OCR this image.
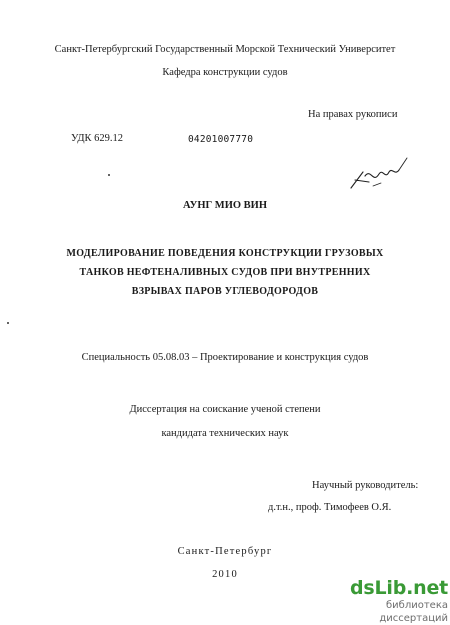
Санкт-Петербургский Государственный Морской Технический Университет
Кафедра конструкции судов
На правах рукописи
УДК 629.12	04201007770
АУНГ МИО ВИН
МОДЕЛИРОВАНИЕ ПОВЕДЕНИЯ КОНСТРУКЦИИ ГРУЗОВЫХ
ТАНКОВ НЕФТЕНАЛИВНЫХ СУДОВ ПРИ ВНУТРЕННИХ
ВЗРЫВАХ ПАРОВ УГЛЕВОДОРОДОВ
Специальность 05.08.03 – Проектирование и конструкция судов
Диссертация на соискание ученой степени
кандидата технических наук
Научный руководитель:
д.т.н., проф. Тимофеев О.Я.
Санкт-Петербург
2010
dsLib.net
библиотека диссертаций
